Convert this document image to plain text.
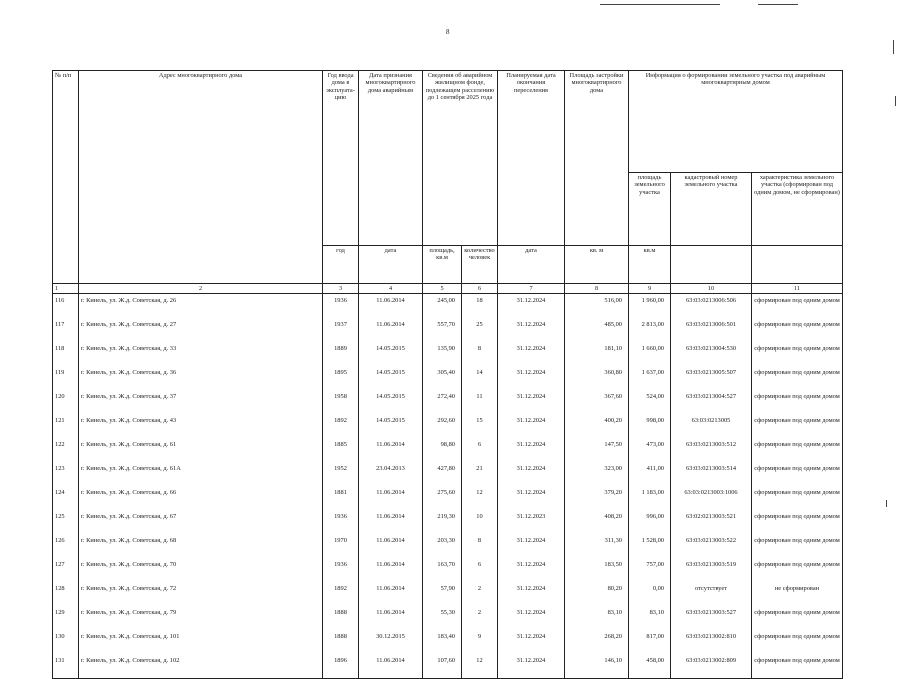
8
№ п/п	Адрес многоквартирного дома	Год ввода дома в эксплуата-цию	Дата признания многоквартирного дома аварийным	Сведения об аварийном жилищном фонде, подлежащем расселению до 1 сентября 2025 года		Планируемая дата окончания переселения	Площадь застройки многоквартирного дома	Информация о формировании земельного участка под аварийным многоквартирным домом		
								площадь земельного участка	кадастровый номер земельного участка	характеристика земельного участка (сформирован под одним домом, не сформирован)
		год	дата	площадь, кв.м	количество человек	дата	кв. м	кв.м		
1	2	3	4	5	6	7	8	9	10	11
116	г. Кинель, ул. Ж.д. Советская, д. 26	1936	11.06.2014	245,00	18	31.12.2024	516,00	1 960,00	63:03:0213006:506	сформирован под одним домом
117	г. Кинель, ул. Ж.д. Советская, д. 27	1937	11.06.2014	557,70	25	31.12.2024	485,00	2 813,00	63:03:0213006:501	сформирован под одним домом
118	г. Кинель, ул. Ж.д. Советская, д. 33	1889	14.05.2015	135,90	8	31.12.2024	181,10	1 660,00	63:03:0213004:530	сформирован под одним домом
119	г. Кинель, ул. Ж.д. Советская, д. 36	1895	14.05.2015	305,40	14	31.12.2024	360,80	1 637,00	63:03:0213005:507	сформирован под одним домом
120	г. Кинель, ул. Ж.д. Советская, д. 37	1958	14.05.2015	272,40	11	31.12.2024	367,60	524,00	63:03:0213004:527	сформирован под одним домом
121	г. Кинель, ул. Ж.д. Советская, д. 43	1892	14.05.2015	292,60	15	31.12.2024	400,20	998,00	63:03:0213005	сформирован под одним домом
122	г. Кинель, ул. Ж.д. Советская, д. 61	1885	11.06.2014	98,80	6	31.12.2024	147,50	473,00	63:03:0213003:512	сформирован под одним домом
123	г. Кинель, ул. Ж.д. Советская, д. 61А	1952	23.04.2013	427,80	21	31.12.2024	323,00	411,00	63:03:0213003:514	сформирован под одним домом
124	г. Кинель, ул. Ж.д. Советская, д. 66	1881	11.06.2014	275,60	12	31.12.2024	379,20	1 183,00	63:03:0213003:1006	сформирован под одним домом
125	г. Кинель, ул. Ж.д. Советская, д. 67	1936	11.06.2014	219,30	10	31.12.2023	408,20	996,00	63:02:0213003:521	сформирован под одним домом
126	г. Кинель, ул. Ж.д. Советская, д. 68	1970	11.06.2014	203,30	8	31.12.2024	311,30	1 528,00	63:03:0213003:522	сформирован под одним домом
127	г. Кинель, ул. Ж.д. Советская, д. 70	1936	11.06.2014	163,70	6	31.12.2024	183,50	757,00	63:03:0213003:519	сформирован под одним домом
128	г. Кинель, ул. Ж.д. Советская, д. 72	1892	11.06.2014	57,90	2	31.12.2024	80,20	0,00	отсутствует	не сформирован
129	г. Кинель, ул. Ж.д. Советская, д. 79	1888	11.06.2014	55,30	2	31.12.2024	83,10	83,10	63:03:0213003:527	сформирован под одним домом
130	г. Кинель, ул. Ж.д. Советская, д. 101	1888	30.12.2015	183,40	9	31.12.2024	268,20	817,00	63:03:0213002:810	сформирован под одним домом
131	г. Кинель, ул. Ж.д. Советская, д. 102	1896	11.06.2014	107,60	12	31.12.2024	146,10	458,00	63:03:0213002:809	сформирован под одним домом
